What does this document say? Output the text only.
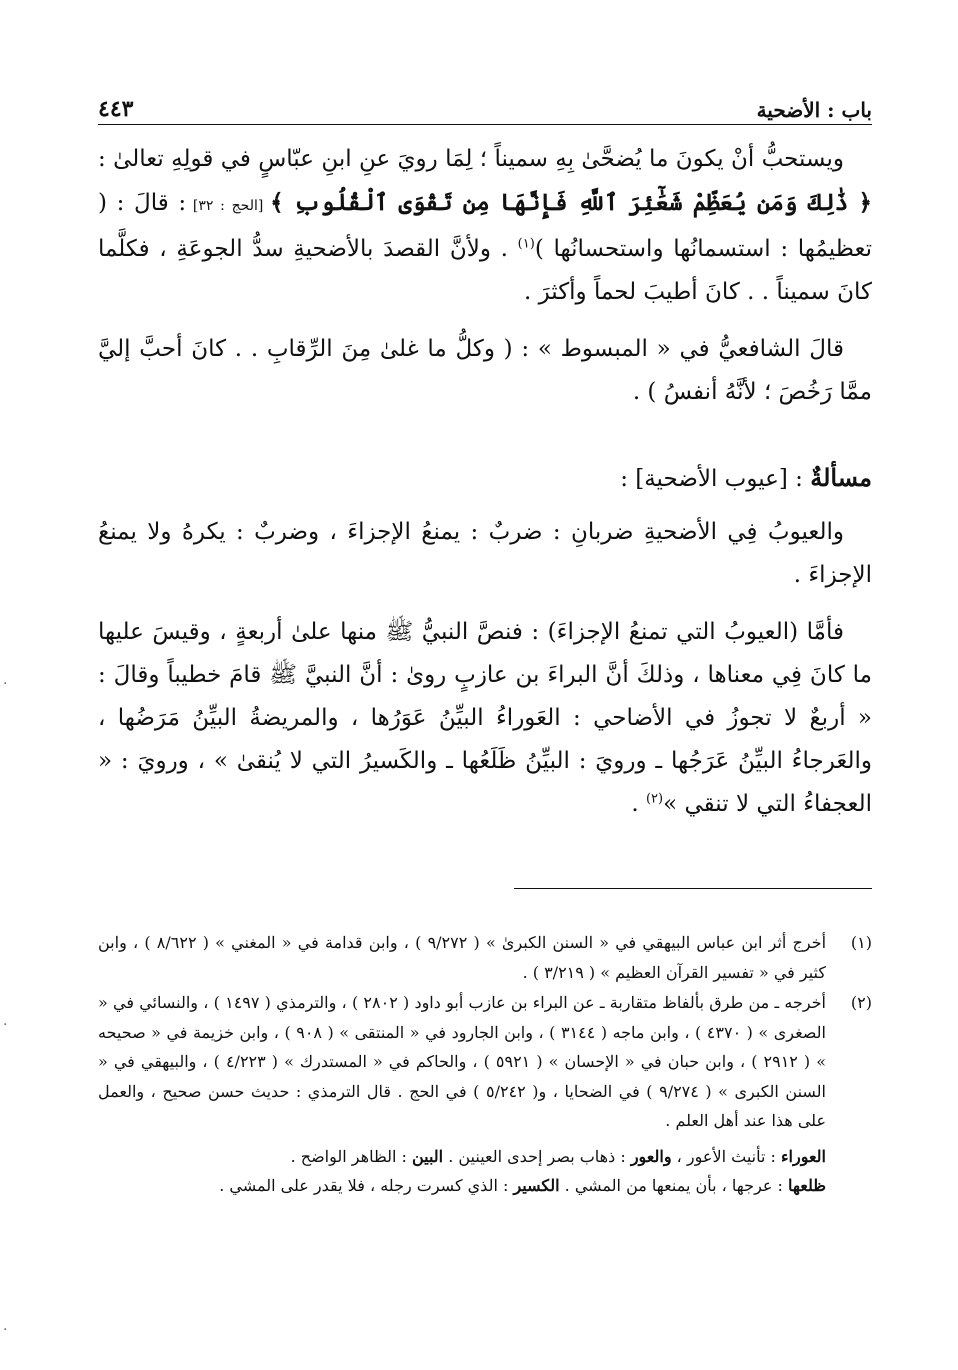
باب : الأضحية
٤٤٣

ويستحبُّ أنْ يكونَ ما يُضحَّىٰ بِهِ سميناً ؛ لِمَا رويَ عنِ ابنِ عبّاسٍ في قولِهِ تعالىٰ : ﴿ ذَٰلِكَ وَمَن يُعَظِّمْ شَعَٰٓئِرَ ٱللَّهِ فَإِنَّهَا مِن تَقْوَى ٱلْقُلُوبِ ﴾ [الحج : ٣٢] : قالَ : ( تعظيمُها : استسمانُها واستحسانُها )$^{(١)}$ . ولأنَّ القصدَ بالأضحيةِ سدُّ الجوعَةِ ، فكلَّما كانَ سميناً . . كانَ أطيبَ لحماً وأكثرَ .

قالَ الشافعيُّ في « المبسوط » : ( وكلُّ ما غلىٰ مِنَ الرِّقابِ . . كانَ أحبَّ إليَّ ممَّا رَخُصَ ؛ لأنَّهُ أنفسُ ) .

مسألةٌ : [عيوب الأضحية] :

والعيوبُ فِي الأضحيةِ ضربانِ : ضربٌ : يمنعُ الإجزاءَ ، وضربٌ : يكرهُ ولا يمنعُ الإجزاءَ .

فأمَّا (العيوبُ التي تمنعُ الإجزاءَ) : فنصَّ النبيُّ ﷺ منها علىٰ أربعةٍ ، وقيسَ عليها ما كانَ فِي معناها ، وذلكَ أنَّ البراءَ بن عازبٍ روىٰ : أنَّ النبيَّ ﷺ قامَ خطيباً وقالَ : « أربعٌ لا تجوزُ في الأضاحي : العَوراءُ البيِّنُ عَوَرُها ، والمريضةُ البيِّنُ مَرَضُها ، والعَرجاءُ البيِّنُ عَرَجُها ـ ورويَ : البيِّنُ ظَلَعُها ـ والكَسيرُ التي لا يُنقىٰ » ، ورويَ : « العجفاءُ التي لا تنقي »$^{(٢)}$ .

(١)
أخرج أثر ابن عباس البيهقي في « السنن الكبرىٰ » ( ٩/٢٧٢ ) ، وابن قدامة في « المغني » ( ٨/٦٢٢ ) ، وابن كثير في « تفسير القرآن العظيم » ( ٣/٢١٩ ) .
(٢)
أخرجه ـ من طرق بألفاظ متقاربة ـ عن البراء بن عازب أبو داود ( ٢٨٠٢ ) ، والترمذي ( ١٤٩٧ ) ، والنسائي في « الصغرى » ( ٤٣٧٠ ) ، وابن ماجه ( ٣١٤٤ ) ، وابن الجارود في « المنتقى » ( ٩٠٨ ) ، وابن خزيمة في « صحيحه » ( ٢٩١٢ ) ، وابن حبان في « الإحسان » ( ٥٩٢١ ) ، والحاكم في « المستدرك » ( ٤/٢٢٣ ) ، والبيهقي في « السنن الكبرى » ( ٩/٢٧٤ ) في الضحايا ، و( ٥/٢٤٢ ) في الحج . قال الترمذي : حديث حسن صحيح ، والعمل على هذا عند أهل العلم .

العوراء : تأنيث الأعور ، والعور : ذهاب بصر إحدى العينين . البين : الظاهر الواضح .

ظلعها : عرجها ، بأن يمنعها من المشي . الكسير : الذي كسرت رجله ، فلا يقدر على المشي .

.
.
.
